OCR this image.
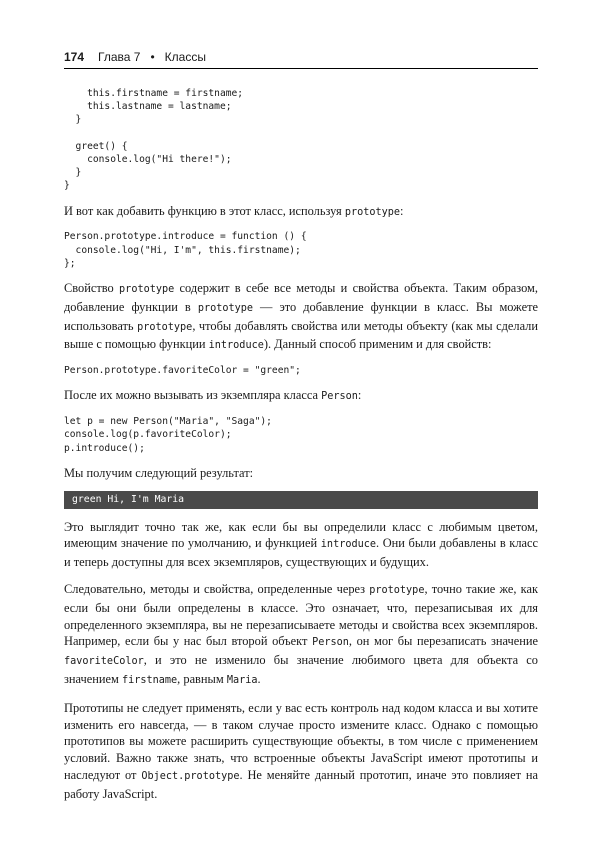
174 Глава 7 • Классы
this.firstname = firstname;
this.lastname = lastname;
}

greet() {
console.log("Hi there!");
}
}

И вот как добавить функцию в этот класс, используя prototype:

Person.prototype.introduce = function () {
console.log("Hi, I'm", this.firstname);
};

Свойство prototype содержит в себе все методы и свойства объекта. Таким образом, добавление функции в prototype — это добавление функции в класс. Вы можете использовать prototype, чтобы добавлять свойства или методы объекту (как мы сделали выше с помощью функции introduce). Данный способ применим и для свойств:

Person.prototype.favoriteColor = "green";

После их можно вызывать из экземпляра класса Person:

let p = new Person("Maria", "Saga");
console.log(p.favoriteColor);
p.introduce();

Мы получим следующий результат:

green Hi, I'm Maria

Это выглядит точно так же, как если бы вы определили класс с любимым цветом, имеющим значение по умолчанию, и функцией introduce. Они были добавлены в класс и теперь доступны для всех экземпляров, существующих и будущих.

Следовательно, методы и свойства, определенные через prototype, точно такие же, как если бы они были определены в классе. Это означает, что, перезаписывая их для определенного экземпляра, вы не перезаписываете методы и свойства всех экземпляров. Например, если бы у нас был второй объект Person, он мог бы перезаписать значение favoriteColor, и это не изменило бы значение любимого цвета для объекта со значением firstname, равным Maria.

Прототипы не следует применять, если у вас есть контроль над кодом класса и вы хотите изменить его навсегда, — в таком случае просто измените класс. Однако с помощью прототипов вы можете расширить существующие объекты, в том числе с применением условий. Важно также знать, что встроенные объекты JavaScript имеют прототипы и наследуют от Object.prototype. Не меняйте данный прототип, иначе это повлияет на работу JavaScript.
